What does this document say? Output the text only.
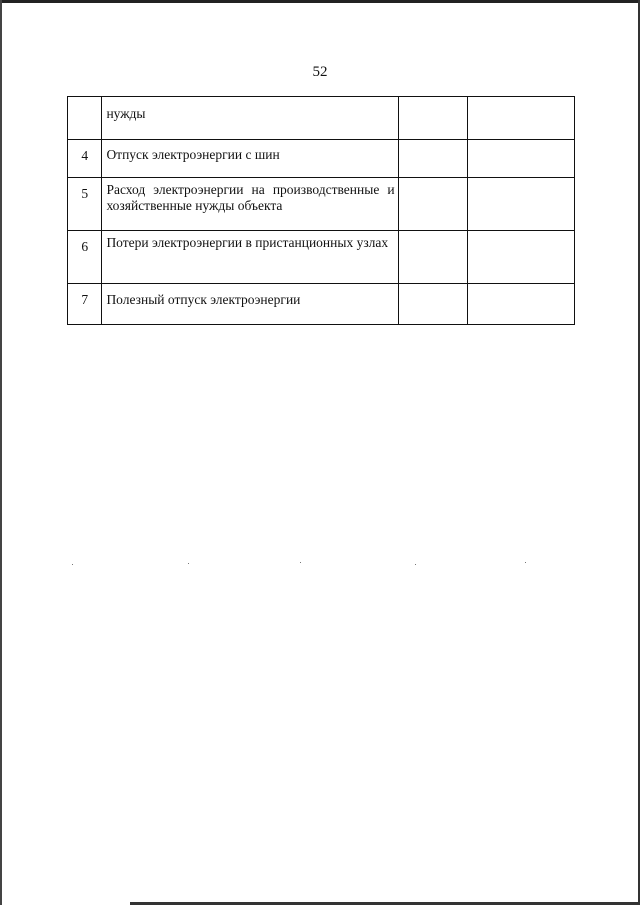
52
	нужды		
4	Отпуск электроэнергии с шин		
5	Расход электроэнергии на производственные и хозяйственные нужды объекта		
6	Потери электроэнергии в пристанционных узлах		
7	Полезный отпуск электроэнергии		
